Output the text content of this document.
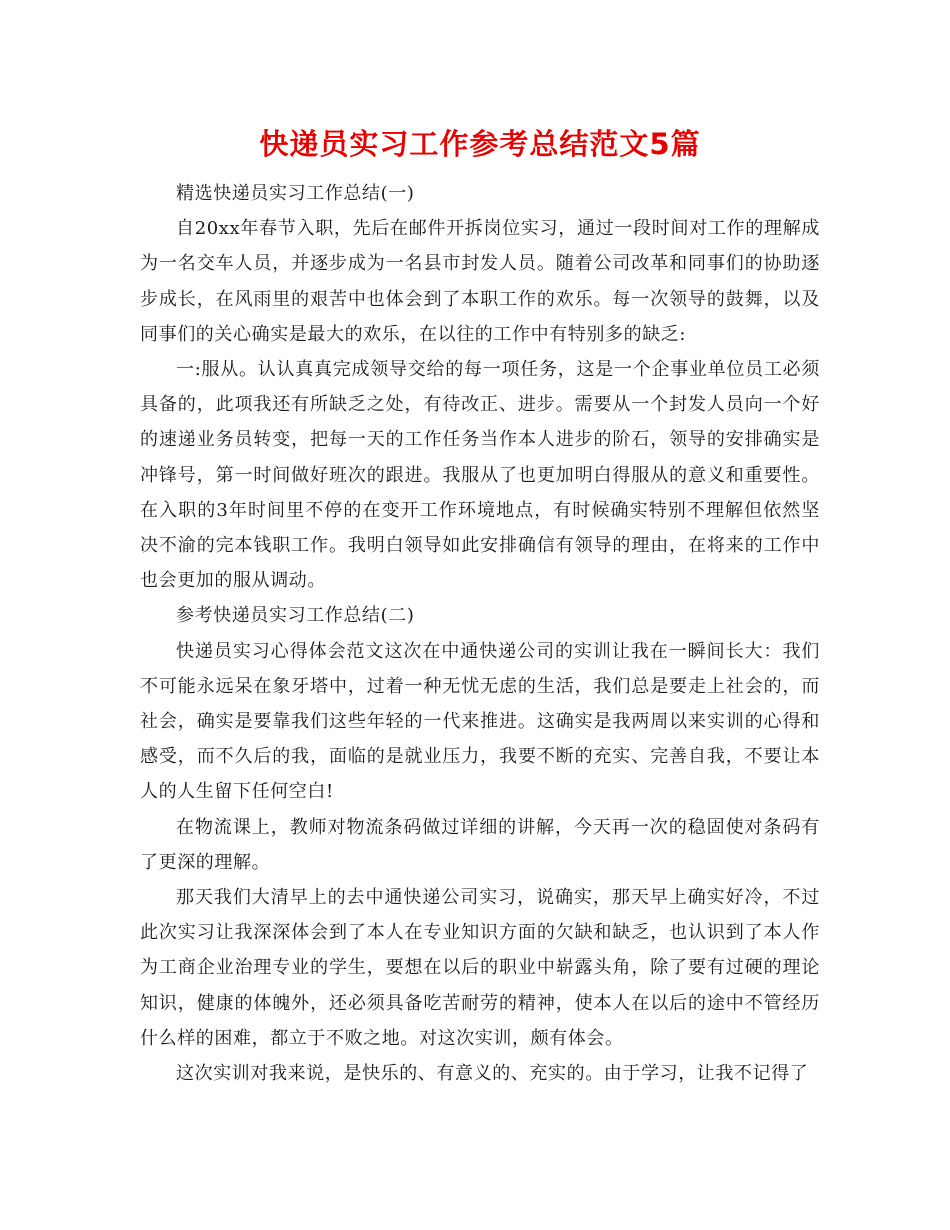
快递员实习工作参考总结范文5篇

精选快递员实习工作总结(一)

自20xx年春节入职，先后在邮件开拆岗位实习，通过一段时间对工作的理解成为一名交车人员，并逐步成为一名县市封发人员。随着公司改革和同事们的协助逐步成长，在风雨里的艰苦中也体会到了本职工作的欢乐。每一次领导的鼓舞，以及同事们的关心确实是最大的欢乐，在以往的工作中有特别多的缺乏:

一:服从。认认真真完成领导交给的每一项任务，这是一个企事业单位员工必须具备的，此项我还有所缺乏之处，有待改正、进步。需要从一个封发人员向一个好的速递业务员转变，把每一天的工作任务当作本人进步的阶石，领导的安排确实是冲锋号，第一时间做好班次的跟进。我服从了也更加明白得服从的意义和重要性。在入职的3年时间里不停的在变开工作环境地点，有时候确实特别不理解但依然坚决不渝的完本钱职工作。我明白领导如此安排确信有领导的理由，在将来的工作中也会更加的服从调动。

参考快递员实习工作总结(二)

快递员实习心得体会范文这次在中通快递公司的实训让我在一瞬间长大：我们不可能永远呆在象牙塔中，过着一种无忧无虑的生活，我们总是要走上社会的，而社会，确实是要靠我们这些年轻的一代来推进。这确实是我两周以来实训的心得和感受，而不久后的我，面临的是就业压力，我要不断的充实、完善自我，不要让本人的人生留下任何空白!

在物流课上，教师对物流条码做过详细的讲解，今天再一次的稳固使对条码有了更深的理解。

那天我们大清早上的去中通快递公司实习，说确实，那天早上确实好冷，不过此次实习让我深深体会到了本人在专业知识方面的欠缺和缺乏，也认识到了本人作为工商企业治理专业的学生，要想在以后的职业中崭露头角，除了要有过硬的理论知识，健康的体魄外，还必须具备吃苦耐劳的精神，使本人在以后的途中不管经历什么样的困难，都立于不败之地。对这次实训，颇有体会。

这次实训对我来说，是快乐的、有意义的、充实的。由于学习，让我不记得了
